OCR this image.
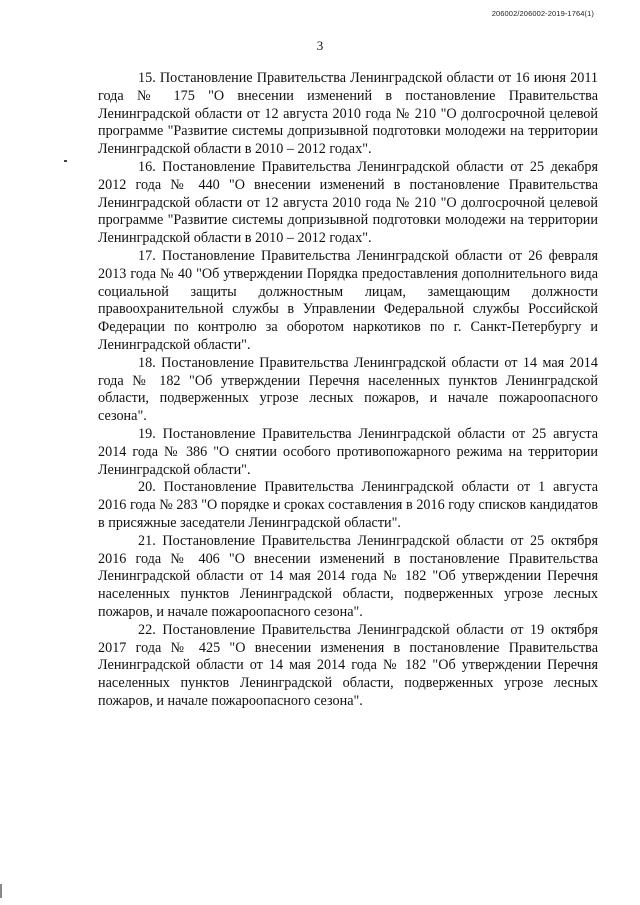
206002/206002-2019-1764(1)
3

15. Постановление Правительства Ленинградской области от 16 июня 2011 года № 175 "О внесении изменений в постановление Правительства Ленинградской области от 12 августа 2010 года № 210 "О долгосрочной целевой программе "Развитие системы допризывной подготовки молодежи на территории Ленинградской области в 2010 – 2012 годах".

16. Постановление Правительства Ленинградской области от 25 декабря 2012 года № 440 "О внесении изменений в постановление Правительства Ленинградской области от 12 августа 2010 года № 210 "О долгосрочной целевой программе "Развитие системы допризывной подготовки молодежи на территории Ленинградской области в 2010 – 2012 годах".

17. Постановление Правительства Ленинградской области от 26 февраля 2013 года № 40 "Об утверждении Порядка предоставления дополнительного вида социальной защиты должностным лицам, замещающим должности правоохранительной службы в Управлении Федеральной службы Российской Федерации по контролю за оборотом наркотиков по г. Санкт-Петербургу и Ленинградской области".

18. Постановление Правительства Ленинградской области от 14 мая 2014 года № 182 "Об утверждении Перечня населенных пунктов Ленинградской области, подверженных угрозе лесных пожаров, и начале пожароопасного сезона".

19. Постановление Правительства Ленинградской области от 25 августа 2014 года № 386 "О снятии особого противопожарного режима на территории Ленинградской области".

20. Постановление Правительства Ленинградской области от 1 августа 2016 года № 283 "О порядке и сроках составления в 2016 году списков кандидатов в присяжные заседатели Ленинградской области".

21. Постановление Правительства Ленинградской области от 25 октября 2016 года № 406 "О внесении изменений в постановление Правительства Ленинградской области от 14 мая 2014 года № 182 "Об утверждении Перечня населенных пунктов Ленинградской области, подверженных угрозе лесных пожаров, и начале пожароопасного сезона".

22. Постановление Правительства Ленинградской области от 19 октября 2017 года № 425 "О внесении изменения в постановление Правительства Ленинградской области от 14 мая 2014 года № 182 "Об утверждении Перечня населенных пунктов Ленинградской области, подверженных угрозе лесных пожаров, и начале пожароопасного сезона".
